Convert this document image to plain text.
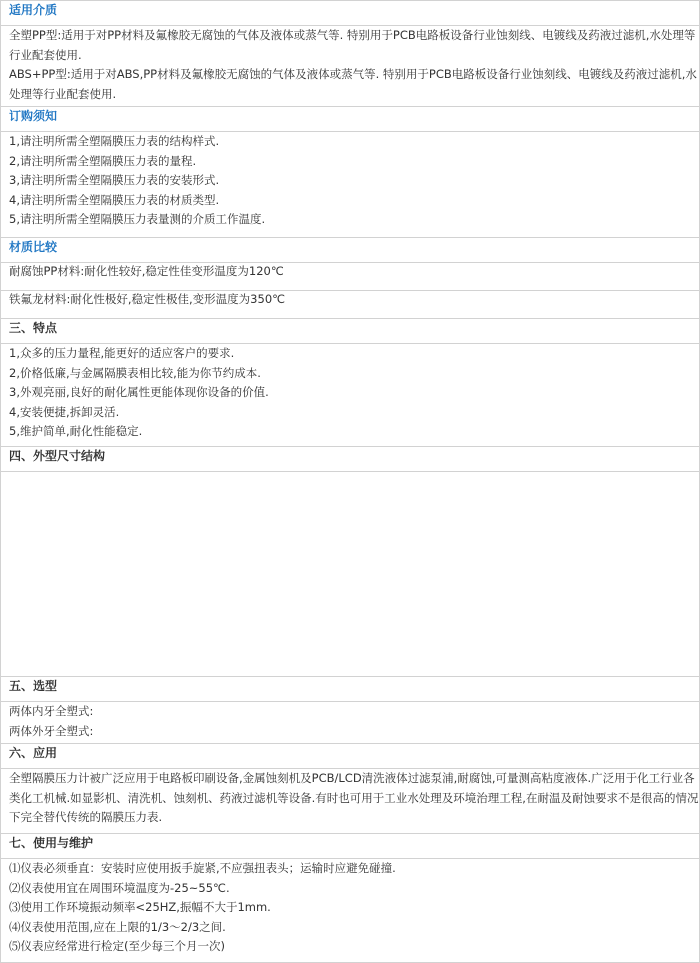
适用介质

全塑PP型:适用于对PP材料及氟橡胶无腐蚀的气体及液体或蒸气等. 特别用于PCB电路板设备行业蚀刻线、电镀线及药液过滤机,水处理等行业配套使用.
ABS+PP型:适用于对ABS,PP材料及氟橡胶无腐蚀的气体及液体或蒸气等. 特别用于PCB电路板设备行业蚀刻线、电镀线及药液过滤机,水处理等行业配套使用.

订购须知

1,请注明所需全塑隔膜压力表的结构样式.
2,请注明所需全塑隔膜压力表的量程.
3,请注明所需全塑隔膜压力表的安装形式.
4,请注明所需全塑隔膜压力表的材质类型.
5,请注明所需全塑隔膜压力表量测的介质工作温度.

材质比较
耐腐蚀PP材料:耐化性较好,稳定性佳变形温度为120℃
铁氟龙材料:耐化性极好,稳定性极佳,变形温度为350℃
三、特点

1,众多的压力量程,能更好的适应客户的要求.
2,价格低廉,与金属隔膜表相比较,能为你节约成本.
3,外观亮丽,良好的耐化属性更能体现你设备的价值.
4,安装便捷,拆卸灵活.
5,维护简单,耐化性能稳定.

四、外型尺寸结构

五、选型

两体内牙全塑式:
两体外牙全塑式:

六、应用

全塑隔膜压力计被广泛应用于电路板印刷设备,金属蚀刻机及PCB/LCD清洗液体过滤泵浦,耐腐蚀,可量测高粘度液体.广泛用于化工行业各类化工机械.如显影机、清洗机、蚀刻机、药液过滤机等设备.有时也可用于工业水处理及环境治理工程,在耐温及耐蚀要求不是很高的情况下完全替代传统的隔膜压力表.

七、使用与维护

⑴仪表必须垂直：安装时应使用扳手旋紧,不应强扭表头；运输时应避免碰撞.
⑵仪表使用宜在周围环境温度为-25~55℃.
⑶使用工作环境振动频率<25HZ,振幅不大于1mm.
⑷仪表使用范围,应在上限的1/3～2/3之间.
⑸仪表应经常进行检定(至少每三个月一次)
